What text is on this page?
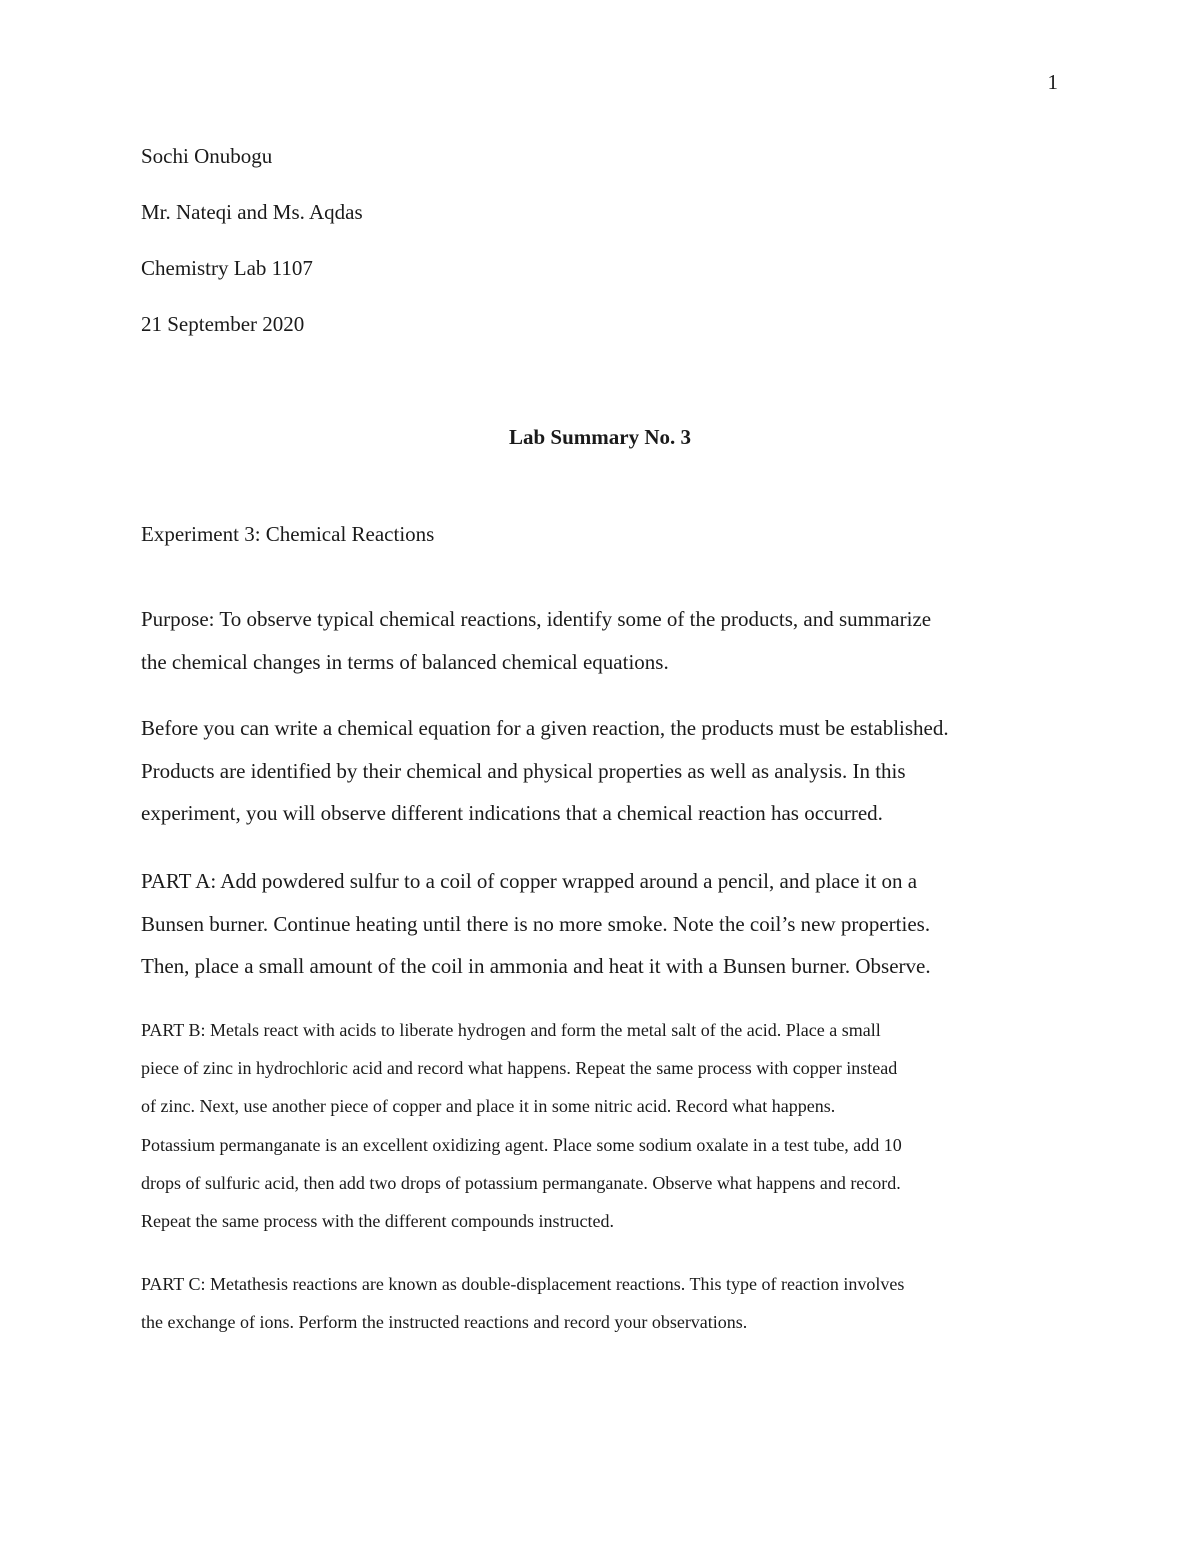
1
Sochi Onubogu
Mr. Nateqi and Ms. Aqdas
Chemistry Lab 1107
21 September 2020
Lab Summary No. 3
Experiment 3: Chemical Reactions
Purpose: To observe typical chemical reactions, identify some of the products, and summarize
the chemical changes in terms of balanced chemical equations.
Before you can write a chemical equation for a given reaction, the products must be established.
Products are identified by their chemical and physical properties as well as analysis. In this
experiment, you will observe different indications that a chemical reaction has occurred.
PART A: Add powdered sulfur to a coil of copper wrapped around a pencil, and place it on a
Bunsen burner. Continue heating until there is no more smoke. Note the coil’s new properties.
Then, place a small amount of the coil in ammonia and heat it with a Bunsen burner. Observe.
PART B: Metals react with acids to liberate hydrogen and form the metal salt of the acid. Place a small
piece of zinc in hydrochloric acid and record what happens. Repeat the same process with copper instead
of zinc. Next, use another piece of copper and place it in some nitric acid. Record what happens.
Potassium permanganate is an excellent oxidizing agent. Place some sodium oxalate in a test tube, add 10
drops of sulfuric acid, then add two drops of potassium permanganate. Observe what happens and record.
Repeat the same process with the different compounds instructed.
PART C: Metathesis reactions are known as double-displacement reactions. This type of reaction involves
the exchange of ions. Perform the instructed reactions and record your observations.
